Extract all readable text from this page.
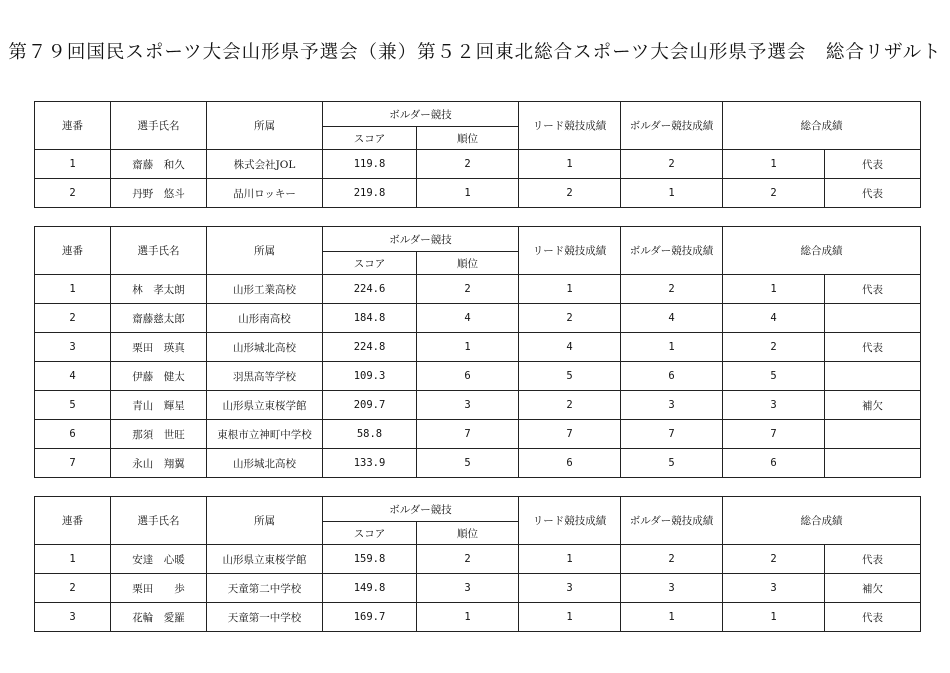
第７９回国民スポーツ大会山形県予選会（兼）第５２回東北総合スポーツ大会山形県予選会　総合リザルト
連番	選手氏名	所属	ボルダー競技		リード競技成績	ボルダー競技成績	総合成績	
			スコア	順位				
1	齋藤　和久	株式会社JOL	119.8	2	1	2	1	代表
2	丹野　悠斗	品川ロッキー	219.8	1	2	1	2	代表
連番	選手氏名	所属	ボルダー競技		リード競技成績	ボルダー競技成績	総合成績	
			スコア	順位				
1	林　孝太朗	山形工業高校	224.6	2	1	2	1	代表
2	齋藤慈太郎	山形南高校	184.8	4	2	4	4	
3	栗田　瑛真	山形城北高校	224.8	1	4	1	2	代表
4	伊藤　健太	羽黒高等学校	109.3	6	5	6	5	
5	青山　輝星	山形県立東桜学館	209.7	3	2	3	3	補欠
6	那須　世旺	東根市立神町中学校	58.8	7	7	7	7	
7	永山　翔翼	山形城北高校	133.9	5	6	5	6	
連番	選手氏名	所属	ボルダー競技		リード競技成績	ボルダー競技成績	総合成績	
			スコア	順位				
1	安達　心暖	山形県立東桜学館	159.8	2	1	2	2	代表
2	栗田　　歩	天童第二中学校	149.8	3	3	3	3	補欠
3	花輪　愛羅	天童第一中学校	169.7	1	1	1	1	代表
